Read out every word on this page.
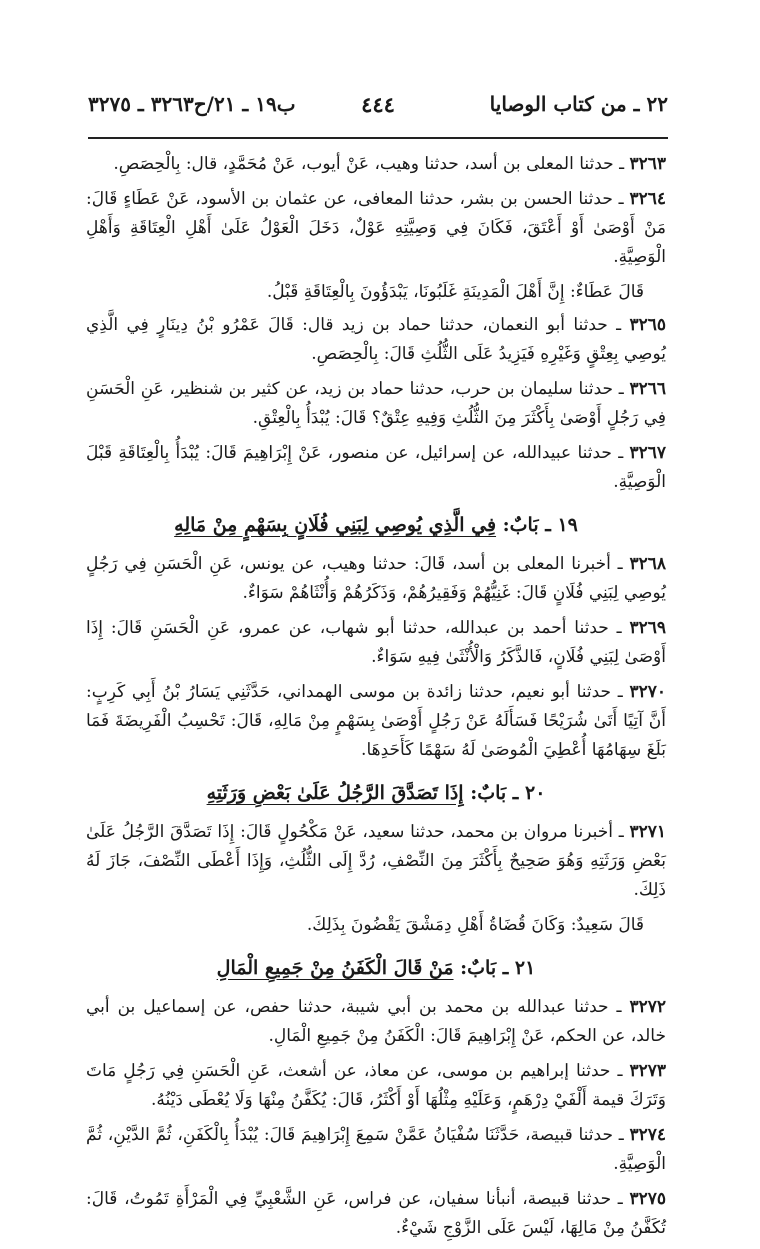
٢٢ ـ من كتاب الوصايا
٤٤٤
ب١٩ ـ ٢١/ح٣٢٦٣ ـ ٣٢٧٥
٣٢٦٣ ـ حدثنا المعلى بن أسد، حدثنا وهيب، عَنْ أيوب، عَنْ مُحَمَّدٍ، قال: بِالْحِصَصِ.
٣٢٦٤ ـ حدثنا الحسن بن بشر، حدثنا المعافى، عن عثمان بن الأسود، عَنْ عَطَاءٍ قَالَ: مَنْ أَوْصَىٰ أَوْ أَعْتَقَ، فَكَانَ فِي وَصِيَّتِهِ عَوْلٌ، دَخَلَ الْعَوْلُ عَلَىٰ أَهْلِ الْعِتَاقَةِ وَأَهْلِ الْوَصِيَّةِ.
قَالَ عَطَاءٌ: إِنَّ أَهْلَ الْمَدِينَةِ غَلَبُونَا، يَبْدَؤُونَ بِالْعِتَاقَةِ قَبْلُ.
٣٢٦٥ ـ حدثنا أبو النعمان، حدثنا حماد بن زيد قال: قَالَ عَمْرُو بْنُ دِينَارٍ فِي الَّذِي يُوصِي بِعِتْقٍ وَغَيْرِهِ فَيَزِيدُ عَلَى الثُّلُثِ قَالَ: بِالْحِصَصِ.
٣٢٦٦ ـ حدثنا سليمان بن حرب، حدثنا حماد بن زيد، عن كثير بن شنظير، عَنِ الْحَسَنِ فِي رَجُلٍ أَوْصَىٰ بِأَكْثَرَ مِنَ الثُّلُثِ وَفِيهِ عِتْقٌ؟ قَالَ: يُبْدَأُ بِالْعِتْقِ.
٣٢٦٧ ـ حدثنا عبيدالله، عن إسرائيل، عن منصور، عَنْ إِبْرَاهِيمَ قَالَ: يُبْدَأُ بِالْعِتَاقَةِ قَبْلَ الْوَصِيَّةِ.
١٩ ـ بَابٌ: فِي الَّذِي يُوصِي لِبَنِي فُلَانٍ بِسَهْمٍ مِنْ مَالِهِ
٣٢٦٨ ـ أخبرنا المعلى بن أسد، قَالَ: حدثنا وهيب، عن يونس، عَنِ الْحَسَنِ فِي رَجُلٍ يُوصِي لِبَنِي فُلَانٍ قَالَ: غَنِيُّهُمْ وَفَقِيرُهُمْ، وَذَكَرُهُمْ وَأُنْثَاهُمْ سَوَاءٌ.
٣٢٦٩ ـ حدثنا أحمد بن عبدالله، حدثنا أبو شهاب، عن عمرو، عَنِ الْحَسَنِ قَالَ: إِذَا أَوْصَىٰ لِبَنِي فُلَانٍ، فَالذَّكَرُ وَالْأُنْثَىٰ فِيهِ سَوَاءٌ.
٣٢٧٠ ـ حدثنا أبو نعيم، حدثنا زائدة بن موسى الهمداني، حَدَّثَنِي يَسَارُ بْنُ أَبِي كَرِبٍ: أَنَّ آتِيًا أَتَىٰ شُرَيْحًا فَسَأَلَهُ عَنْ رَجُلٍ أَوْصَىٰ بِسَهْمٍ مِنْ مَالِهِ، قَالَ: تَحْسِبُ الْفَرِيضَةَ فَمَا بَلَغَ سِهَامُهَا أُعْطِيَ الْمُوصَىٰ لَهُ سَهْمًا كَأَحَدِهَا.
٢٠ ـ بَابٌ: إِذَا تَصَدَّقَ الرَّجُلُ عَلَىٰ بَعْضِ وَرَثَتِهِ
٣٢٧١ ـ أخبرنا مروان بن محمد، حدثنا سعيد، عَنْ مَكْحُولٍ قَالَ: إِذَا تَصَدَّقَ الرَّجُلُ عَلَىٰ بَعْضِ وَرَثَتِهِ وَهُوَ صَحِيحٌ بِأَكْثَرَ مِنَ النِّصْفِ، رُدَّ إِلَى الثُّلُثِ، وَإِذَا أَعْطَى النِّصْفَ، جَازَ لَهُ ذَلِكَ.
قَالَ سَعِيدٌ: وَكَانَ قُضَاةُ أَهْلِ دِمَشْقَ يَقْضُونَ بِذَلِكَ.
٢١ ـ بَابٌ: مَنْ قَالَ الْكَفَنُ مِنْ جَمِيعِ الْمَالِ
٣٢٧٢ ـ حدثنا عبدالله بن محمد بن أبي شيبة، حدثنا حفص، عن إسماعيل بن أبي خالد، عن الحكم، عَنْ إِبْرَاهِيمَ قَالَ: الْكَفَنُ مِنْ جَمِيعِ الْمَالِ.
٣٢٧٣ ـ حدثنا إبراهيم بن موسى، عن معاذ، عن أشعث، عَنِ الْحَسَنِ فِي رَجُلٍ مَاتَ وَتَرَكَ قيمة أَلْفَيْ دِرْهَمٍ، وَعَلَيْهِ مِثْلُهَا أَوْ أَكْثَرُ، قَالَ: يُكَفَّنُ مِنْهَا وَلَا يُعْطَى دَيْنُهُ.
٣٢٧٤ ـ حدثنا قبيصة، حَدَّثَنَا سُفْيَانُ عَمَّنْ سَمِعَ إِبْرَاهِيمَ قَالَ: يُبْدَأُ بِالْكَفَنِ، ثُمَّ الدَّيْنِ، ثُمَّ الْوَصِيَّةِ.
٣٢٧٥ ـ حدثنا قبيصة، أنبأنا سفيان، عن فراس، عَنِ الشَّعْبِيِّ فِي الْمَرْأَةِ تَمُوتُ، قَالَ: تُكَفَّنُ مِنْ مَالِهَا، لَيْسَ عَلَى الزَّوْجِ شَيْءٌ.
